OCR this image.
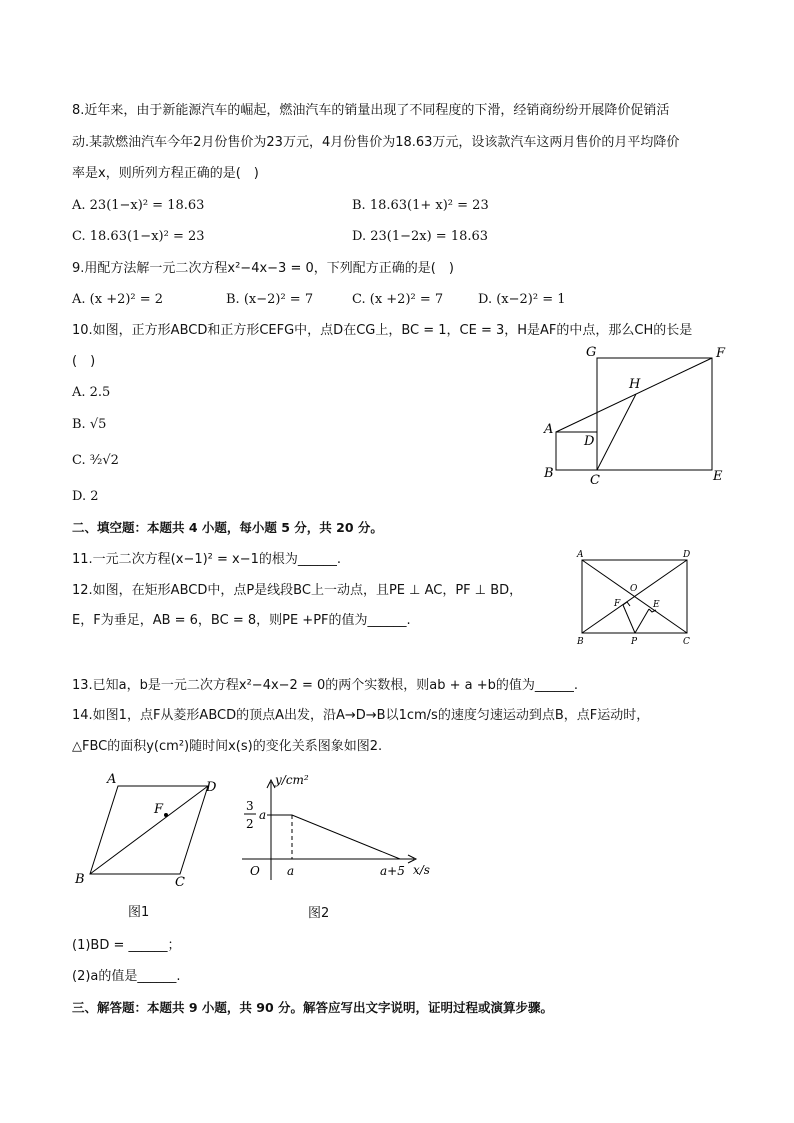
8.近年来，由于新能源汽车的崛起，燃油汽车的销量出现了不同程度的下滑，经销商纷纷开展降价促销活
动.某款燃油汽车今年2月份售价为23万元，4月份售价为18.63万元，设该款汽车这两月售价的月平均降价
率是x，则所列方程正确的是(　)
A. 23(1−x)² = 18.63	B. 18.63(1+ x)² = 23
C. 18.63(1−x)² = 23	D. 23(1−2x) = 18.63
9.用配方法解一元二次方程x²−4x−3 = 0，下列配方正确的是(　)
A. (x +2)² = 2	B. (x−2)² = 7	C. (x +2)² = 7	D. (x−2)² = 1
10.如图，正方形ABCD和正方形CEFG中，点D在CG上，BC = 1，CE = 3，H是AF的中点，那么CH的长是
(　)
A. 2.5
B. √5
C. ³⁄₂√2
D. 2
G	F
H
A
D
B	C	E
二、填空题：本题共 4 小题，每小题 5 分，共 20 分。
11.一元二次方程(x−1)² = x−1的根为______.
12.如图，在矩形ABCD中，点P是线段BC上一动点，且PE ⊥ AC，PF ⊥ BD，
E，F为垂足，AB = 6，BC = 8，则PE +PF的值为______.
A	D
O
F	E
B	P	C
13.已知a，b是一元二次方程x²−4x−2 = 0的两个实数根，则ab + a +b的值为______.
14.如图1，点F从菱形ABCD的顶点A出发，沿A→D→B以1cm/s的速度匀速运动到点B，点F运动时，
△FBC的面积y(cm²)随时间x(s)的变化关系图象如图2.
A
D
F
B	C
图1
y/cm²
3
2
a
O a	a+5 x/s
图2
(1)BD = ______；
(2)a的值是______.
三、解答题：本题共 9 小题，共 90 分。解答应写出文字说明，证明过程或演算步骤。
